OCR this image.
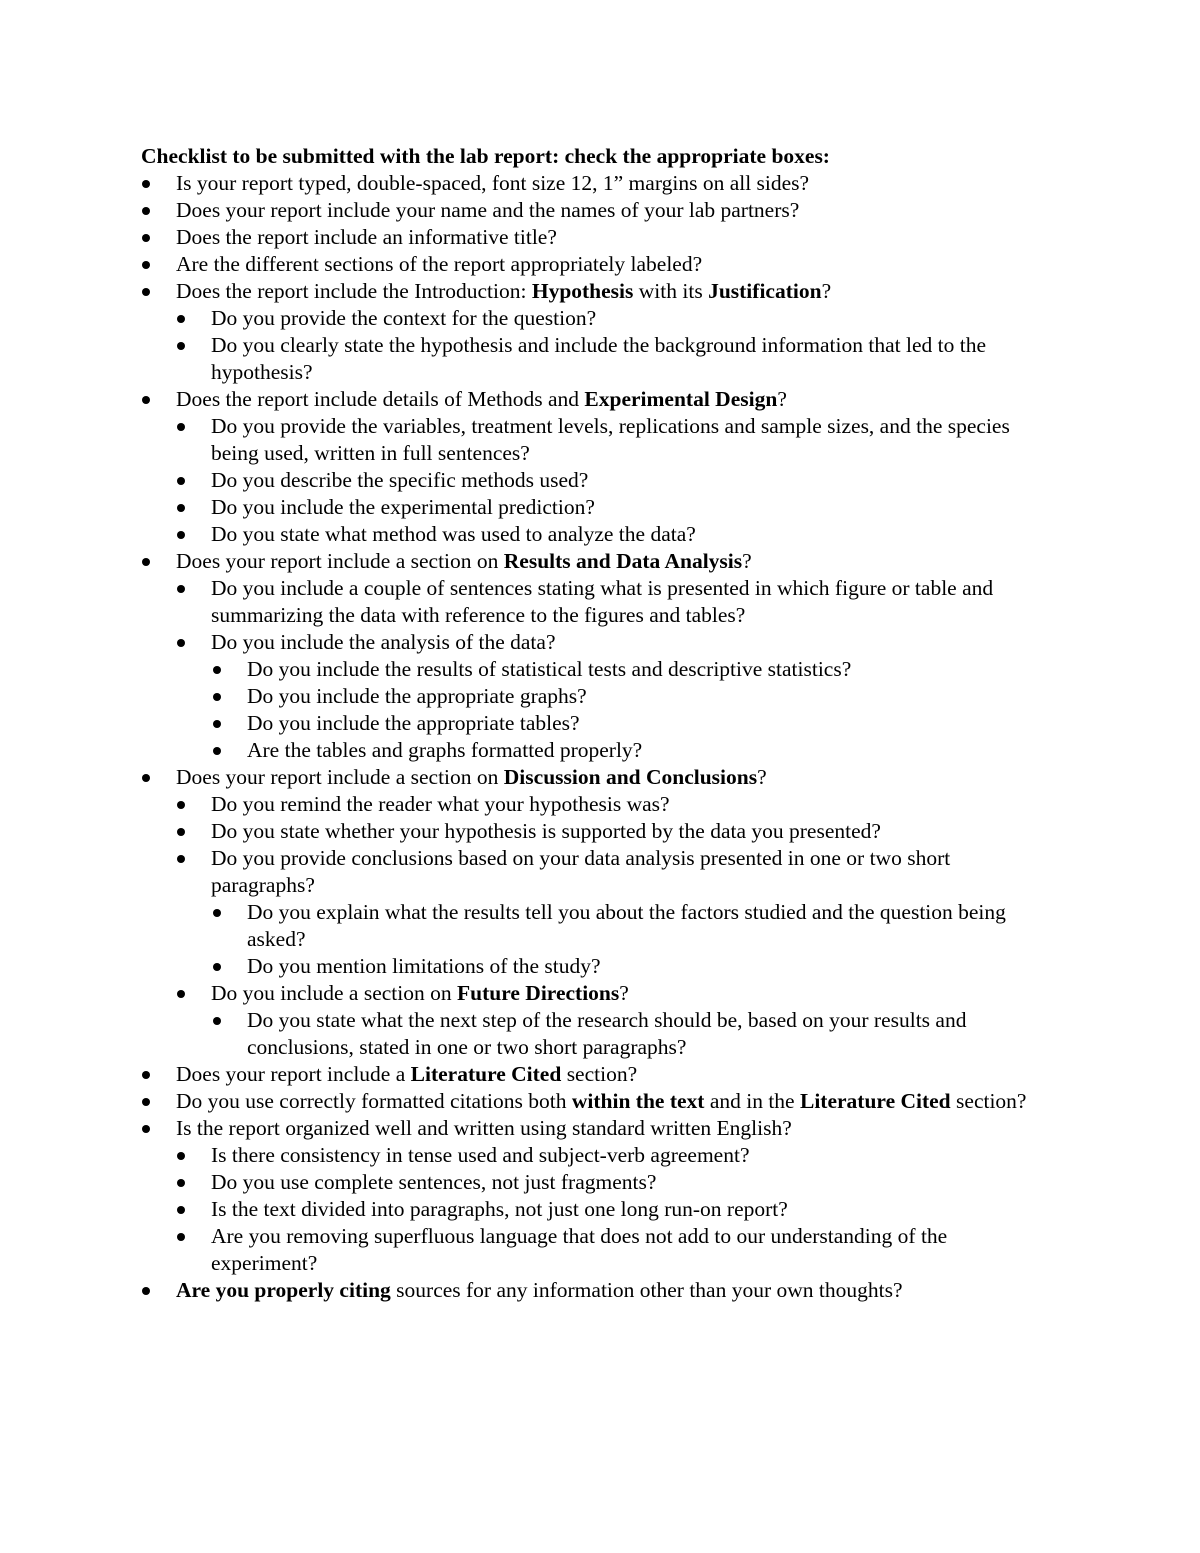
Checklist to be submitted with the lab report: check the appropriate boxes:
Is your report typed, double-spaced, font size 12, 1” margins on all sides?
Does your report include your name and the names of your lab partners?
Does the report include an informative title?
Are the different sections of the report appropriately labeled?
Does the report include the Introduction: Hypothesis with its Justification?
Do you provide the context for the question?
Do you clearly state the hypothesis and include the background information that led to the hypothesis?
Does the report include details of Methods and Experimental Design?
Do you provide the variables, treatment levels, replications and sample sizes, and the species being used, written in full sentences?
Do you describe the specific methods used?
Do you include the experimental prediction?
Do you state what method was used to analyze the data?
Does your report include a section on Results and Data Analysis?
Do you include a couple of sentences stating what is presented in which figure or table and summarizing the data with reference to the figures and tables?
Do you include the analysis of the data?
Do you include the results of statistical tests and descriptive statistics?
Do you include the appropriate graphs?
Do you include the appropriate tables?
Are the tables and graphs formatted properly?
Does your report include a section on Discussion and Conclusions?
Do you remind the reader what your hypothesis was?
Do you state whether your hypothesis is supported by the data you presented?
Do you provide conclusions based on your data analysis presented in one or two short paragraphs?
Do you explain what the results tell you about the factors studied and the question being asked?
Do you mention limitations of the study?
Do you include a section on Future Directions?
Do you state what the next step of the research should be, based on your results and conclusions, stated in one or two short paragraphs?
Does your report include a Literature Cited section?
Do you use correctly formatted citations both within the text and in the Literature Cited section?
Is the report organized well and written using standard written English?
Is there consistency in tense used and subject-verb agreement?
Do you use complete sentences, not just fragments?
Is the text divided into paragraphs, not just one long run-on report?
Are you removing superfluous language that does not add to our understanding of the experiment?
Are you properly citing sources for any information other than your own thoughts?
